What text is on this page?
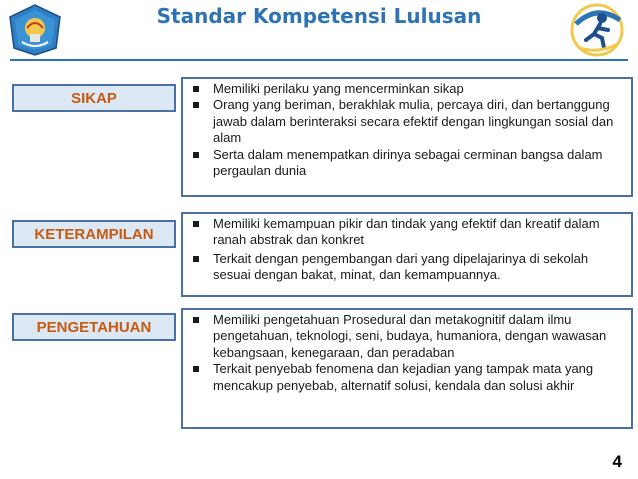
Standar Kompetensi Lulusan
SIKAP
Memiliki perilaku yang mencerminkan sikap
Orang yang beriman, berakhlak mulia, percaya diri, dan bertanggung jawab dalam berinteraksi secara efektif dengan lingkungan sosial dan alam
Serta dalam menempatkan dirinya sebagai cerminan bangsa dalam pergaulan dunia
KETERAMPILAN
Memiliki kemampuan pikir dan tindak yang efektif dan kreatif dalam ranah abstrak dan konkret
Terkait dengan pengembangan dari yang dipelajarinya di sekolah sesuai dengan bakat, minat, dan kemampuannya.
PENGETAHUAN	Memiliki pengetahuan Prosedural dan metakognitif dalam ilmu pengetahuan, teknologi, seni, budaya, humaniora, dengan wawasan kebangsaan, kenegaraan, dan peradaban
Terkait penyebab fenomena dan kejadian yang tampak mata yang mencakup penyebab, alternatif solusi, kendala dan solusi akhir
4
